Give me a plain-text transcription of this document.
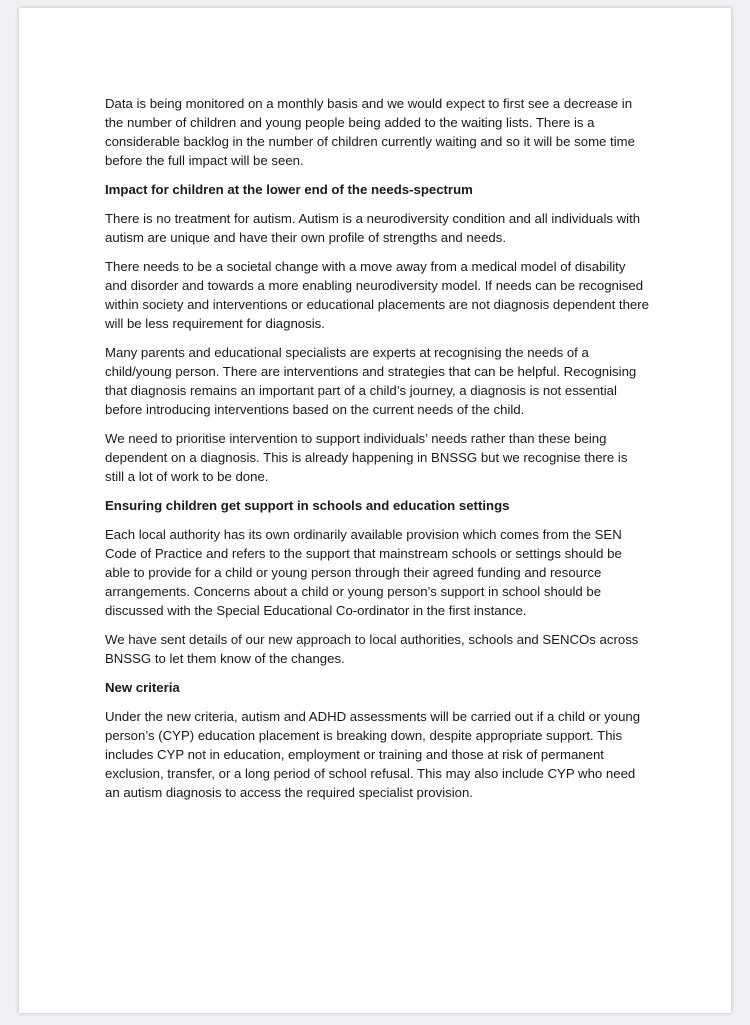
Data is being monitored on a monthly basis and we would expect to first see a decrease in the number of children and young people being added to the waiting lists. There is a considerable backlog in the number of children currently waiting and so it will be some time before the full impact will be seen.

Impact for children at the lower end of the needs-spectrum

There is no treatment for autism. Autism is a neurodiversity condition and all individuals with autism are unique and have their own profile of strengths and needs.

There needs to be a societal change with a move away from a medical model of disability and disorder and towards a more enabling neurodiversity model. If needs can be recognised within society and interventions or educational placements are not diagnosis dependent there will be less requirement for diagnosis.

Many parents and educational specialists are experts at recognising the needs of a child/young person. There are interventions and strategies that can be helpful. Recognising that diagnosis remains an important part of a child’s journey, a diagnosis is not essential before introducing interventions based on the current needs of the child.

We need to prioritise intervention to support individuals’ needs rather than these being dependent on a diagnosis. This is already happening in BNSSG but we recognise there is still a lot of work to be done.

Ensuring children get support in schools and education settings

Each local authority has its own ordinarily available provision which comes from the SEN Code of Practice and refers to the support that mainstream schools or settings should be able to provide for a child or young person through their agreed funding and resource arrangements. Concerns about a child or young person’s support in school should be discussed with the Special Educational Co-ordinator in the first instance.

We have sent details of our new approach to local authorities, schools and SENCOs across BNSSG to let them know of the changes.

New criteria

Under the new criteria, autism and ADHD assessments will be carried out if a child or young person’s (CYP) education placement is breaking down, despite appropriate support. This includes CYP not in education, employment or training and those at risk of permanent exclusion, transfer, or a long period of school refusal. This may also include CYP who need an autism diagnosis to access the required specialist provision.
